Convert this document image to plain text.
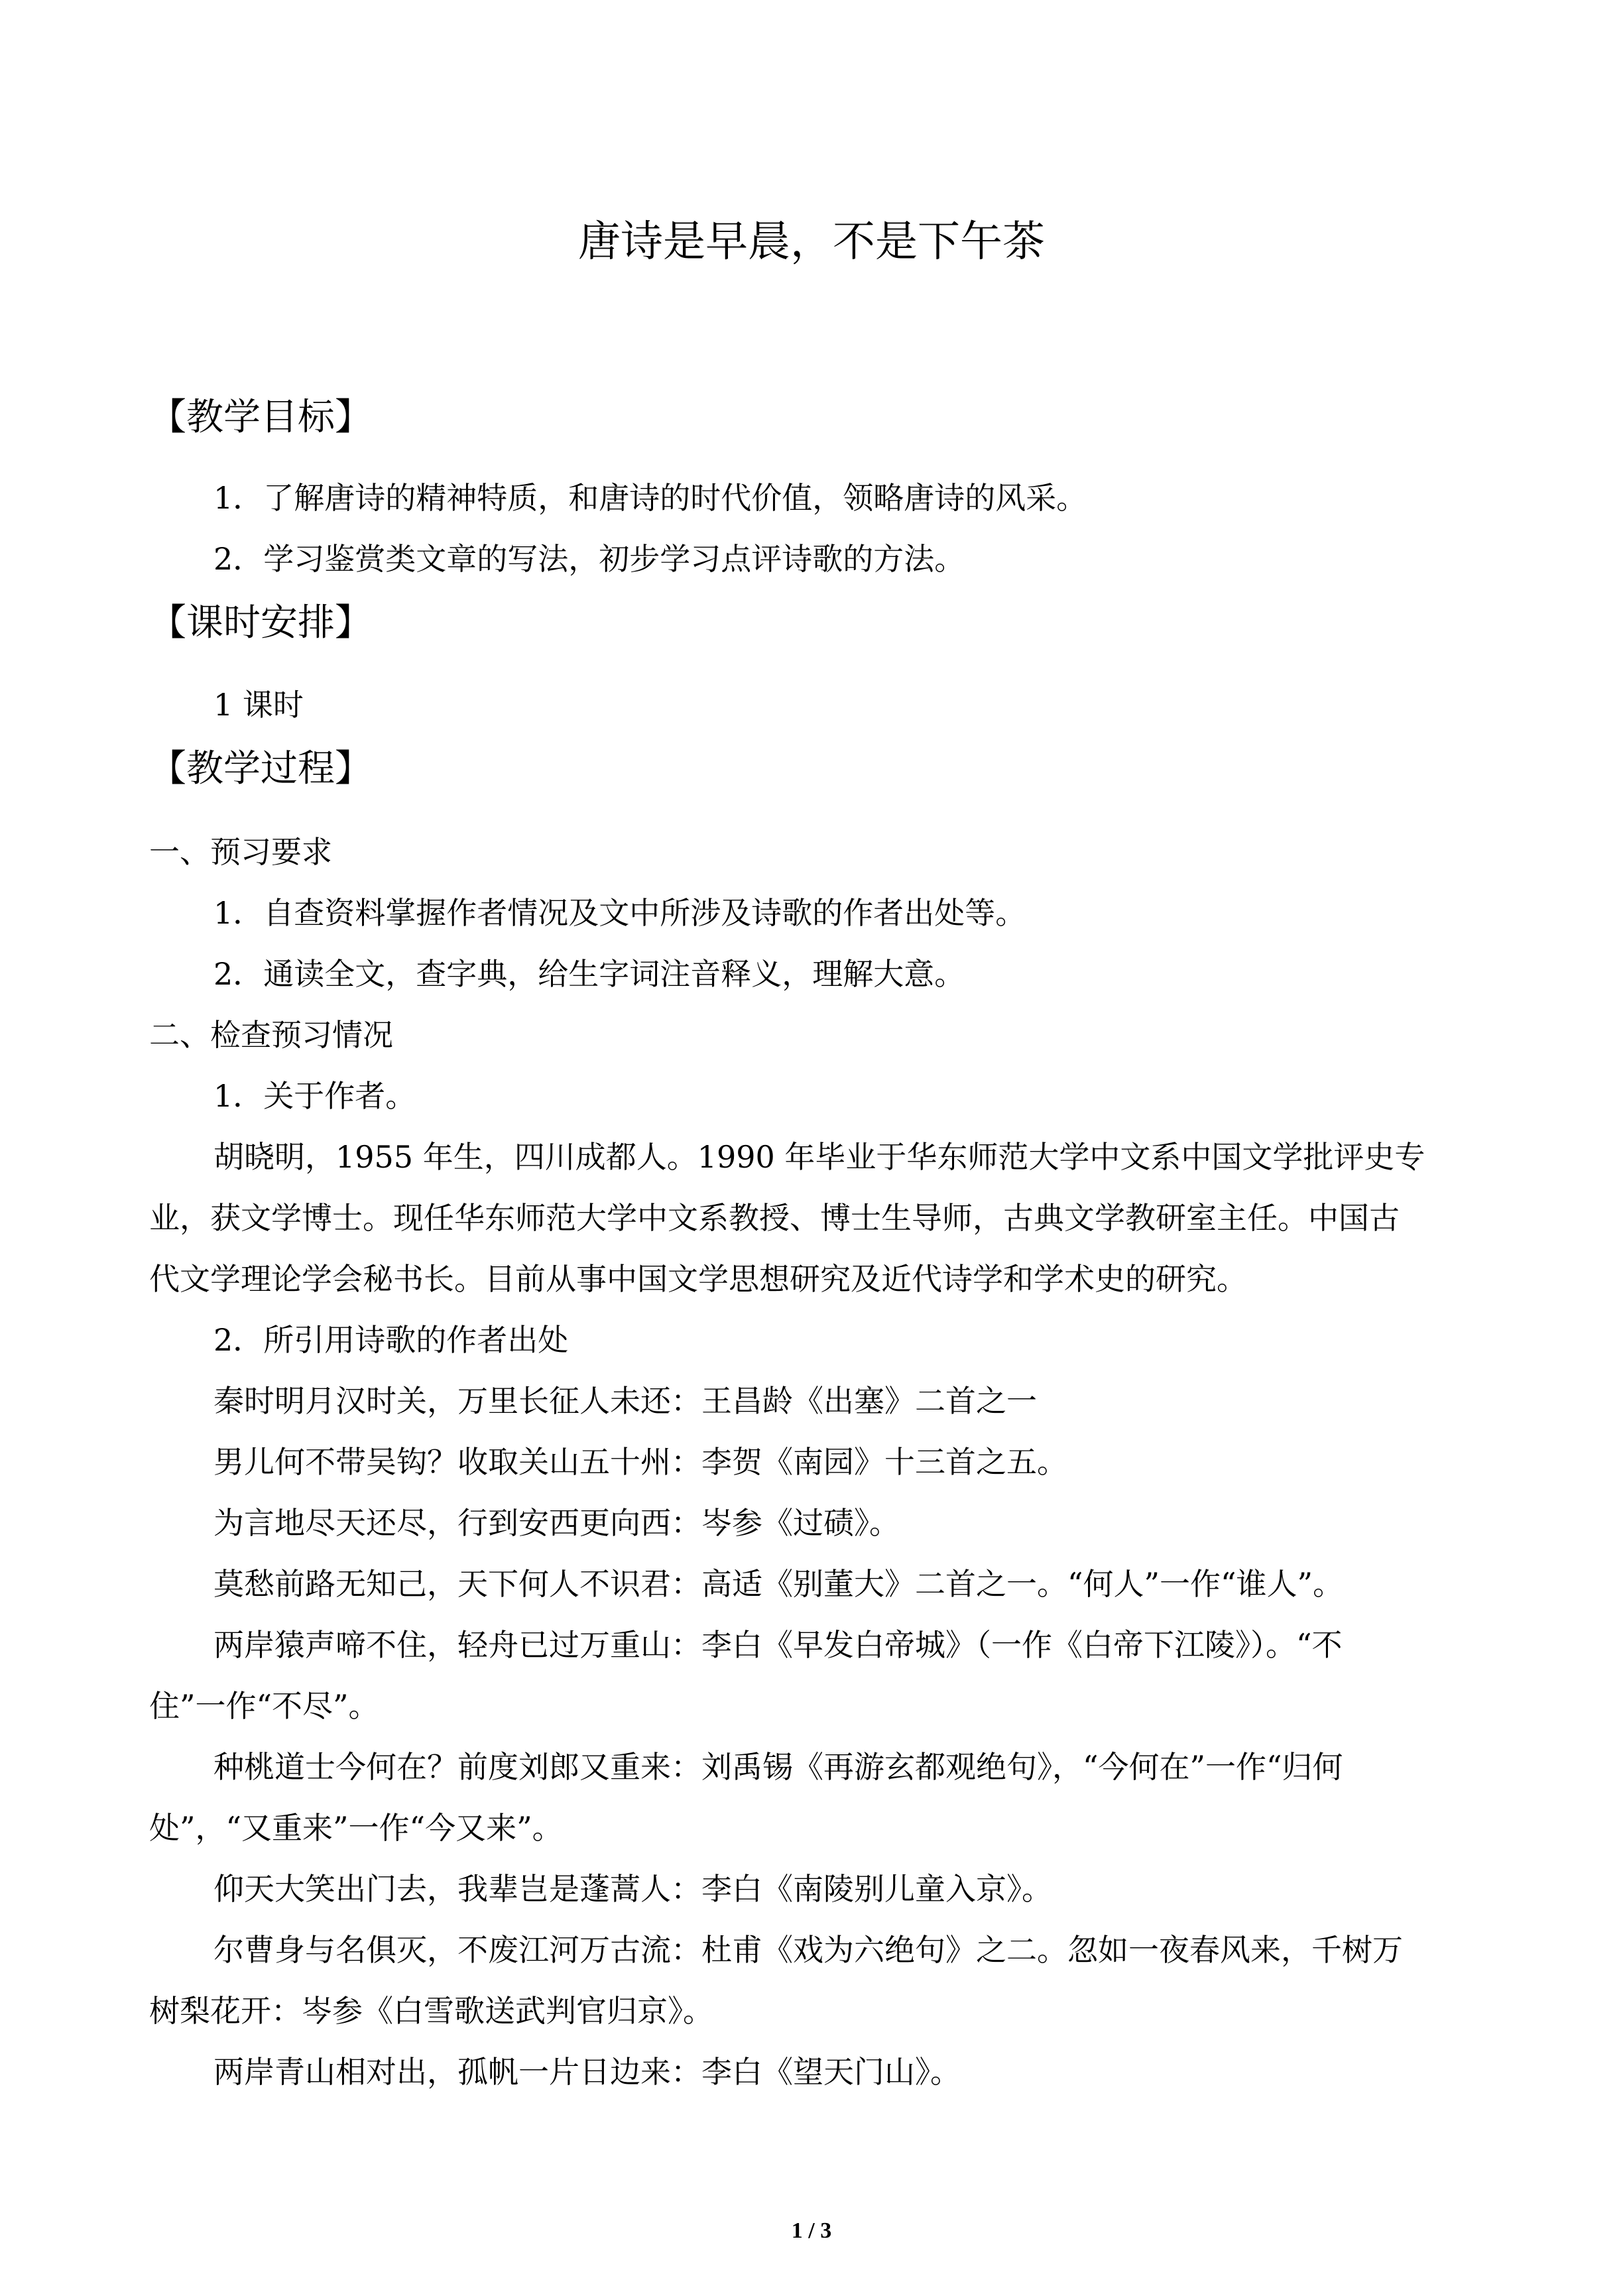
唐诗是早晨，不是下午茶
【教学目标】
1．了解唐诗的精神特质，和唐诗的时代价值，领略唐诗的风采。
2．学习鉴赏类文章的写法，初步学习点评诗歌的方法。
【课时安排】
1 课时
【教学过程】
一、预习要求
1．自查资料掌握作者情况及文中所涉及诗歌的作者出处等。
2．通读全文，查字典，给生字词注音释义，理解大意。
二、检查预习情况
1．关于作者。
胡晓明，1955 年生，四川成都人。1990 年毕业于华东师范大学中文系中国文学批评史专
业，获文学博士。现任华东师范大学中文系教授、博士生导师，古典文学教研室主任。中国古
代文学理论学会秘书长。目前从事中国文学思想研究及近代诗学和学术史的研究。
2．所引用诗歌的作者出处
秦时明月汉时关，万里长征人未还：王昌龄《出塞》二首之一
男儿何不带吴钩？收取关山五十州：李贺《南园》十三首之五。
为言地尽天还尽，行到安西更向西：岑参《过碛》。
莫愁前路无知己，天下何人不识君：高适《别董大》二首之一。“何人”一作“谁人”。
两岸猿声啼不住，轻舟已过万重山：李白《早发白帝城》（一作《白帝下江陵》）。“不
住”一作“不尽”。
种桃道士今何在？前度刘郎又重来：刘禹锡《再游玄都观绝句》，“今何在”一作“归何
处”，“又重来”一作“今又来”。
仰天大笑出门去，我辈岂是蓬蒿人：李白《南陵别儿童入京》。
尔曹身与名俱灭，不废江河万古流：杜甫《戏为六绝句》之二。忽如一夜春风来，千树万
树梨花开：岑参《白雪歌送武判官归京》。
两岸青山相对出，孤帆一片日边来：李白《望天门山》。
1 / 3
